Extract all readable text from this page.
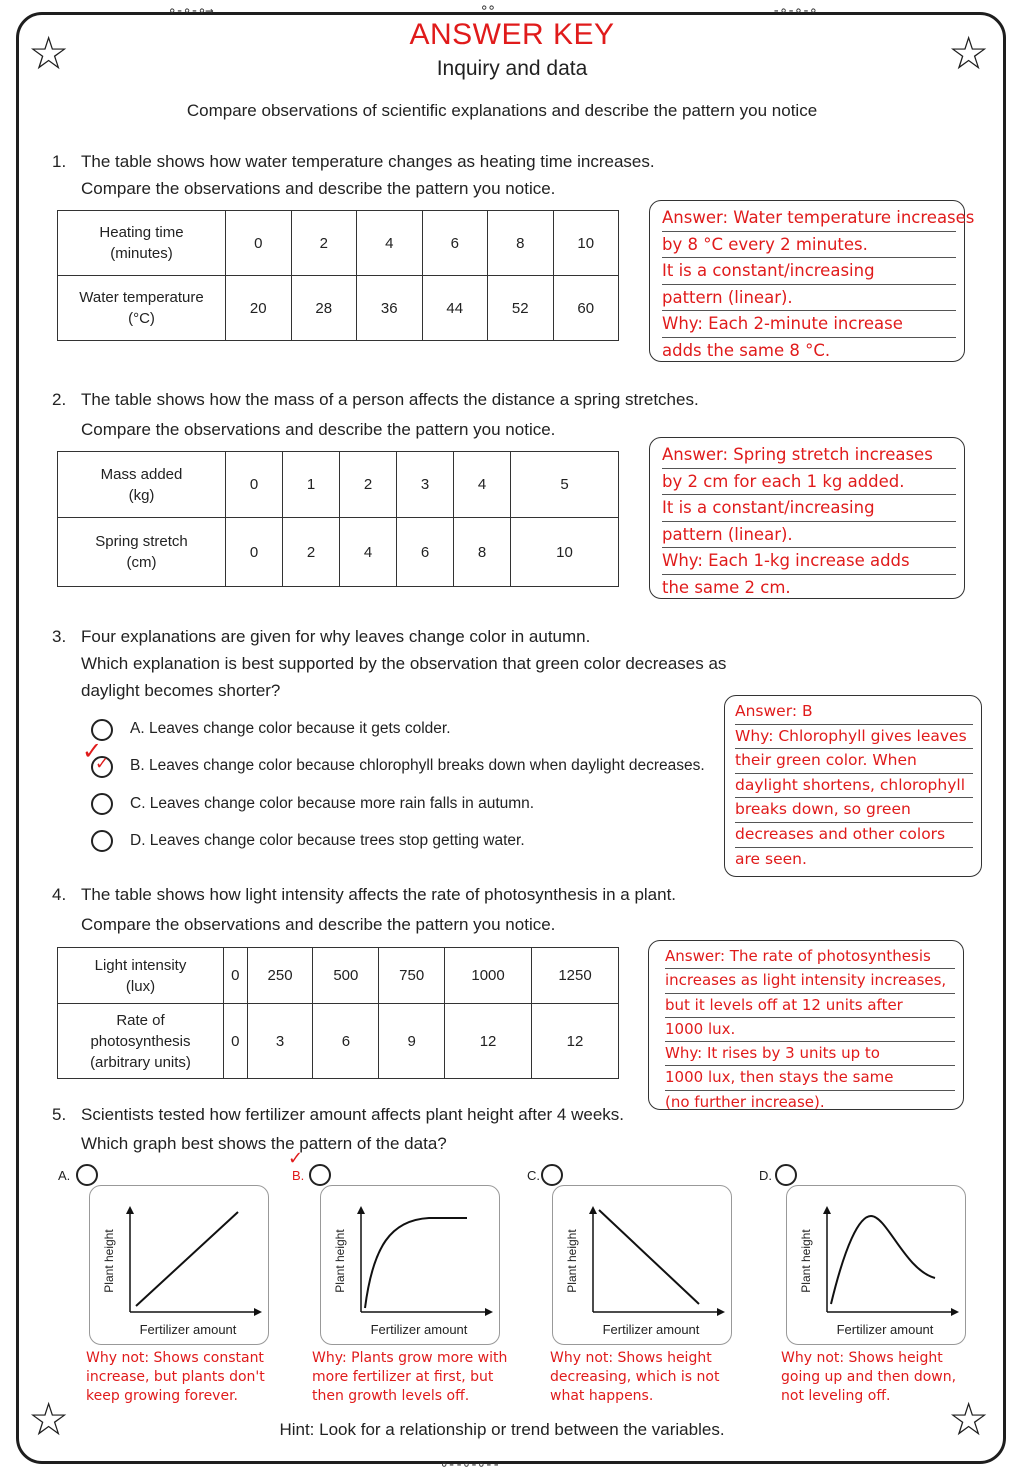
∘-∘-∘→	∘∘	-∘-∘-∘
∘--∘-∘--
☆	☆
☆	☆
ANSWER KEY
Inquiry and data
Compare observations of scientific explanations and describe the pattern you notice
1. The table shows how water temperature changes as heating time increases.
Compare the observations and describe the pattern you notice.
Heating time
(minutes)	0	2	4	6	8	10

Water temperature
(°C)	20	28	36	44	52	60
Answer: Water temperature increases
by 8 °C every 2 minutes.
It is a constant/increasing
pattern (linear).
Why: Each 2-minute increase
adds the same 8 °C.
2. The table shows how the mass of a person affects the distance a spring stretches.
Compare the observations and describe the pattern you notice.
Mass added
(kg)	0	1	2	3	4	5

Spring stretch
(cm)	0	2	4	6	8	10
Answer: Spring stretch increases
by 2 cm for each 1 kg added.
It is a constant/increasing
pattern (linear).
Why: Each 1-kg increase adds
the same 2 cm.
3. Four explanations are given for why leaves change color in autumn.
Which explanation is best supported by the observation that green color decreases as
daylight becomes shorter?
A. Leaves change color because it gets colder.
✓
✓ B. Leaves change color because chlorophyll breaks down when daylight decreases.
C. Leaves change color because more rain falls in autumn.
D. Leaves change color because trees stop getting water.
Answer: B
Why: Chlorophyll gives leaves
their green color. When
daylight shortens, chlorophyll
breaks down, so green
decreases and other colors
are seen.
4. The table shows how light intensity affects the rate of photosynthesis in a plant.
Compare the observations and describe the pattern you notice.
Light intensity
(lux)	0	250	500	750	1000	1250

Rate of
photosynthesis
(arbitrary units)	0	3	6	9	12	12
Answer: The rate of photosynthesis
increases as light intensity increases,
but it levels off at 12 units after
1000 lux.
Why: It rises by 3 units up to
1000 lux, then stays the same
(no further increase).
5. Scientists tested how fertilizer amount affects plant height after 4 weeks.
Which graph best shows the pattern of the data?
A.
Plant height
Fertilizer amount
Why not: Shows constant
increase, but plants don't
keep growing forever.
B.
✓
Plant height
Fertilizer amount
Why: Plants grow more with
more fertilizer at first, but
then growth levels off.
C.
Plant height
Fertilizer amount
Why not: Shows height
decreasing, which is not
what happens.
D.
Plant height
Fertilizer amount
Why not: Shows height
going up and then down,
not leveling off.
Hint: Look for a relationship or trend between the variables.
